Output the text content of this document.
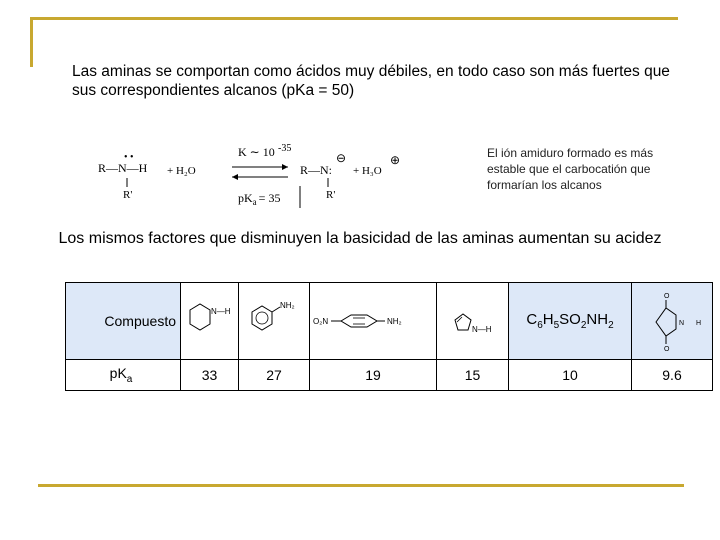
Las aminas se comportan como ácidos muy débiles, en todo caso son más fuertes que sus correspondientes alcanos (pKa = 50)
R—N—H
R'
• •
+ H₂O
K ∼ 10 -35
$pK_a = 35$
R—N:
R'
⊖
+ H₃O
⊕	El ión amiduro formado es más estable que el carbocatión que formarían los alcanos
Los mismos factores que disminuyen la basicidad de las aminas aumentan su acidez
Compuesto	N—H	NH₂	O₂N NH₂	N—H	$C_6H_5SO_2NH_2$	O
O
N H

$pK_a$	33	27	19	15	10	9.6
